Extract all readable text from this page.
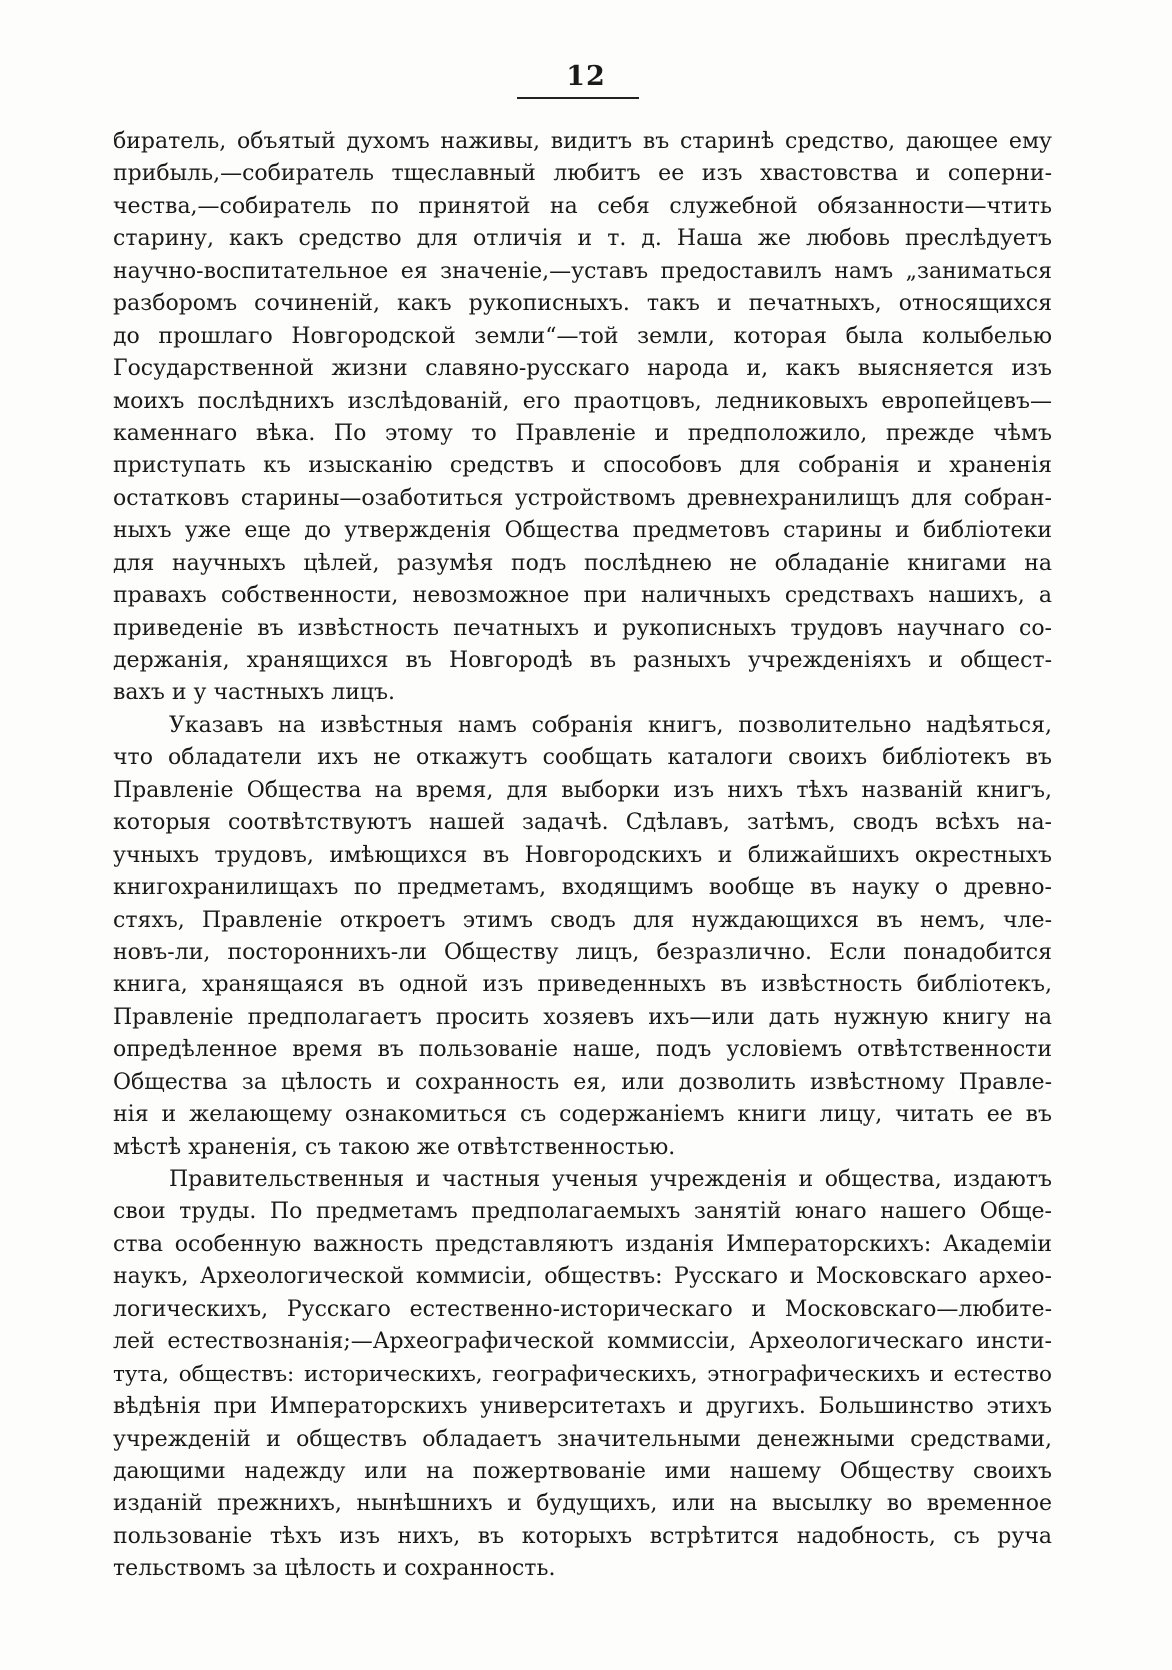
12
биратель, объятый духомъ наживы, видитъ въ старинѣ средство, дающее ему
прибыль,—собиратель тщеславный любитъ ее изъ хвастовства и соперни-
чества,—собиратель по принятой на себя служебной обязанности—чтить
старину, какъ средство для отличія и т. д. Наша же любовь преслѣдуетъ
научно-воспитательное ея значеніе,—уставъ предоставилъ намъ „заниматься
разборомъ сочиненій, какъ рукописныхъ. такъ и печатныхъ, относящихся
до прошлаго Новгородской земли“—той земли, которая была колыбелью
Государственной жизни славяно-русскаго народа и, какъ выясняется изъ
моихъ послѣднихъ изслѣдованій, его праотцовъ, ледниковыхъ европейцевъ—
каменнаго вѣка. По этому то Правленіе и предположило, прежде чѣмъ
приступать къ изысканію средствъ и способовъ для собранія и храненія
остатковъ старины—озаботиться устройствомъ древнехранилищъ для собран-
ныхъ уже еще до утвержденія Общества предметовъ старины и библіотеки
для научныхъ цѣлей, разумѣя подъ послѣднею не обладаніе книгами на
правахъ собственности, невозможное при наличныхъ средствахъ нашихъ, а
приведеніе въ извѣстность печатныхъ и рукописныхъ трудовъ научнаго со-
держанія, хранящихся въ Новгородѣ въ разныхъ учрежденіяхъ и общест-
вахъ и у частныхъ лицъ.
Указавъ на извѣстныя намъ собранія книгъ, позволительно надѣяться,
что обладатели ихъ не откажутъ сообщать каталоги своихъ библіотекъ въ
Правленіе Общества на время, для выборки изъ нихъ тѣхъ названій книгъ,
которыя соотвѣтствуютъ нашей задачѣ. Сдѣлавъ, затѣмъ, сводъ всѣхъ на-
учныхъ трудовъ, имѣющихся въ Новгородскихъ и ближайшихъ окрестныхъ
книгохранилищахъ по предметамъ, входящимъ вообще въ науку о древно-
стяхъ, Правленіе откроетъ этимъ сводъ для нуждающихся въ немъ, чле-
новъ-ли, постороннихъ-ли Обществу лицъ, безразлично. Если понадобится
книга, хранящаяся въ одной изъ приведенныхъ въ извѣстность библіотекъ,
Правленіе предполагаетъ просить хозяевъ ихъ—или дать нужную книгу на
опредѣленное время въ пользованіе наше, подъ условіемъ отвѣтственности
Общества за цѣлость и сохранность ея, или дозволить извѣстному Правле-
нія и желающему ознакомиться съ содержаніемъ книги лицу, читать ее въ
мѣстѣ храненія, съ такою же отвѣтственностью.
Правительственныя и частныя ученыя учрежденія и общества, издаютъ
свои труды. По предметамъ предполагаемыхъ занятій юнаго нашего Обще-
ства особенную важность представляютъ изданія Императорскихъ: Академіи
наукъ, Археологической коммисіи, обществъ: Русскаго и Московскаго археo-
логическихъ, Русскаго естественно-историческаго и Московскаго—любите-
лей естествознанія;—Археографической коммиссіи, Археологическаго инсти-
тута, обществъ: историческихъ, географическихъ, этнографическихъ и естество
вѣдѣнія при Императорскихъ университетахъ и другихъ. Большинство этихъ
учрежденій и обществъ обладаетъ значительными денежными средствами,
дающими надежду или на пожертвованіе ими нашему Обществу своихъ
изданій прежнихъ, нынѣшнихъ и будущихъ, или на высылку во временное
пользованіе тѣхъ изъ нихъ, въ которыхъ встрѣтится надобность, съ руча
тельствомъ за цѣлость и сохранность.
